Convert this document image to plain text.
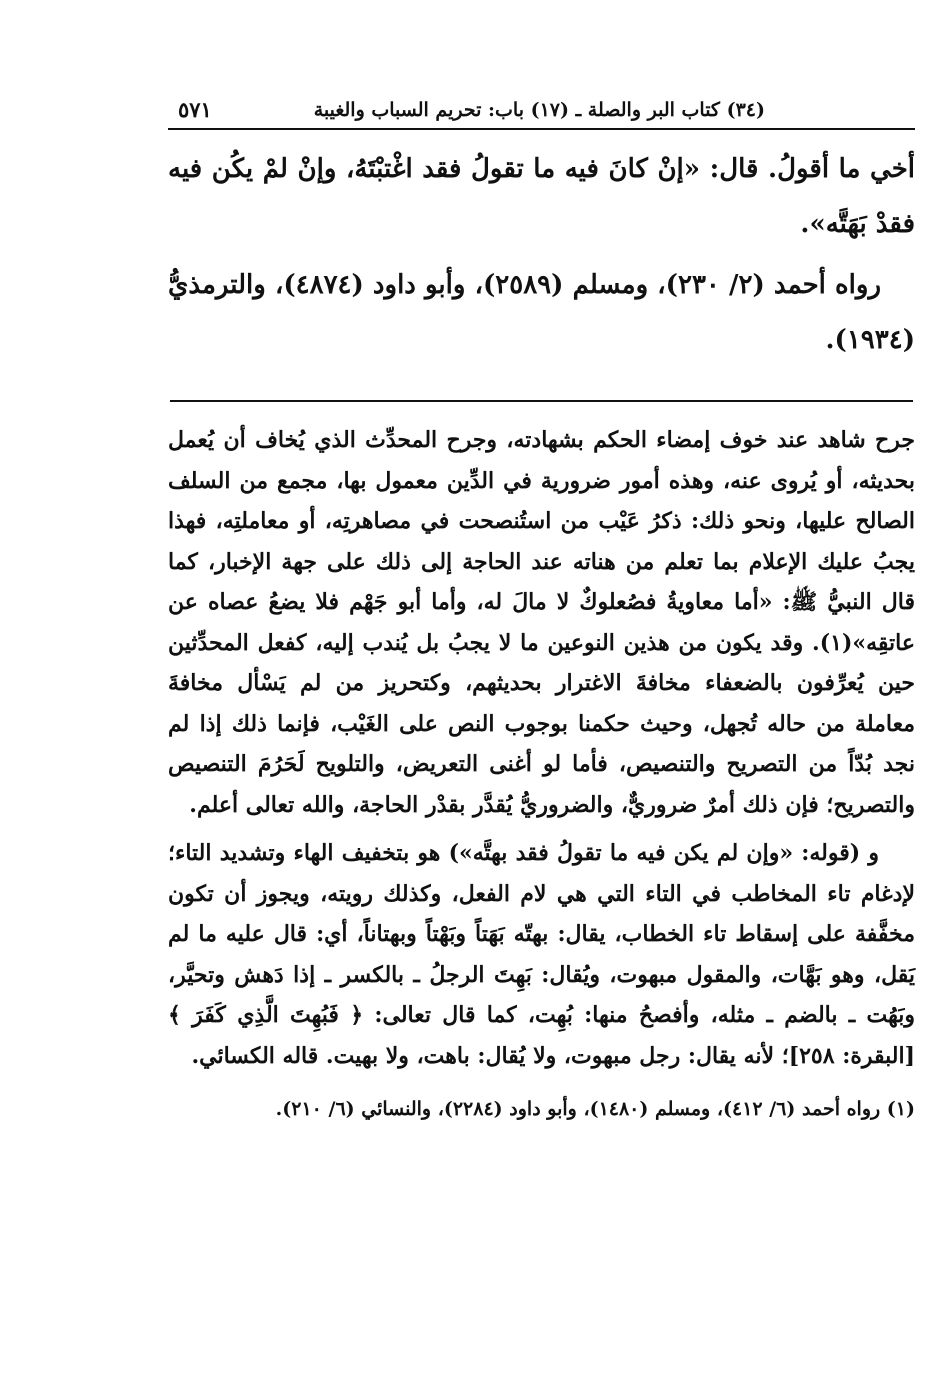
(٣٤) كتاب البر والصلة ـ (١٧) باب: تحريم السباب والغيبة
٥٧١

أخي ما أقولُ. قال: «إنْ كانَ فيه ما تقولُ فقد اغْتبْتَهُ، وإنْ لمْ يكُن فيه فقدْ بَهَتَّه».

رواه أحمد (٢/ ٢٣٠)، ومسلم (٢٥٨٩)، وأبو داود (٤٨٧٤)، والترمذيُّ (١٩٣٤).

جرح شاهد عند خوف إمضاء الحكم بشهادته، وجرح المحدِّث الذي يُخاف أن يُعمل بحديثه، أو يُروى عنه، وهذه أمور ضرورية في الدِّين معمول بها، مجمع من السلف الصالح عليها، ونحو ذلك: ذكرُ عَيْب من استُنصحت في مصاهرتِه، أو معاملتِه، فهذا يجبُ عليك الإعلام بما تعلم من هناته عند الحاجة إلى ذلك على جهة الإخبار، كما قال النبيُّ ﷺ: «أما معاويةُ فصُعلوكٌ لا مالَ له، وأما أبو جَهْم فلا يضعُ عصاه عن عاتقِه»(١). وقد يكون من هذين النوعين ما لا يجبُ بل يُندب إليه، كفعل المحدِّثين حين يُعرِّفون بالضعفاء مخافةَ الاغترار بحديثهم، وكتحريز من لم يَسْأل مخافةَ معاملة من حاله تُجهل، وحيث حكمنا بوجوب النص على الغَيْب، فإنما ذلك إذا لم نجد بُدّاً من التصريح والتنصيص، فأما لو أغنى التعريض، والتلويح لَحَرُمَ التنصيص والتصريح؛ فإن ذلك أمرٌ ضروريٌّ، والضروريُّ يُقدَّر بقدْر الحاجة، والله تعالى أعلم.

و (قوله: «وإن لم يكن فيه ما تقولُ فقد بهتَّه») هو بتخفيف الهاء وتشديد التاء؛ لإدغام تاء المخاطب في التاء التي هي لام الفعل، وكذلك رويته، ويجوز أن تكون مخفَّفة على إسقاط تاء الخطاب، يقال: بهتّه بَهَتاً وبَهْتاً وبهتاناً، أي: قال عليه ما لم يَقل، وهو بَهَّات، والمقول مبهوت، ويُقال: بَهِتَ الرجلُ ـ بالكسر ـ إذا دَهش وتحيَّر، وبَهُت ـ بالضم ـ مثله، وأفصحُ منها: بُهِت، كما قال تعالى: ﴿ فَبُهِتَ الَّذِي كَفَرَ ﴾ [البقرة: ٢٥٨]؛ لأنه يقال: رجل مبهوت، ولا يُقال: باهت، ولا بهيت. قاله الكسائي.

(١) رواه أحمد (٦/ ٤١٢)، ومسلم (١٤٨٠)، وأبو داود (٢٢٨٤)، والنسائي (٦/ ٢١٠).
